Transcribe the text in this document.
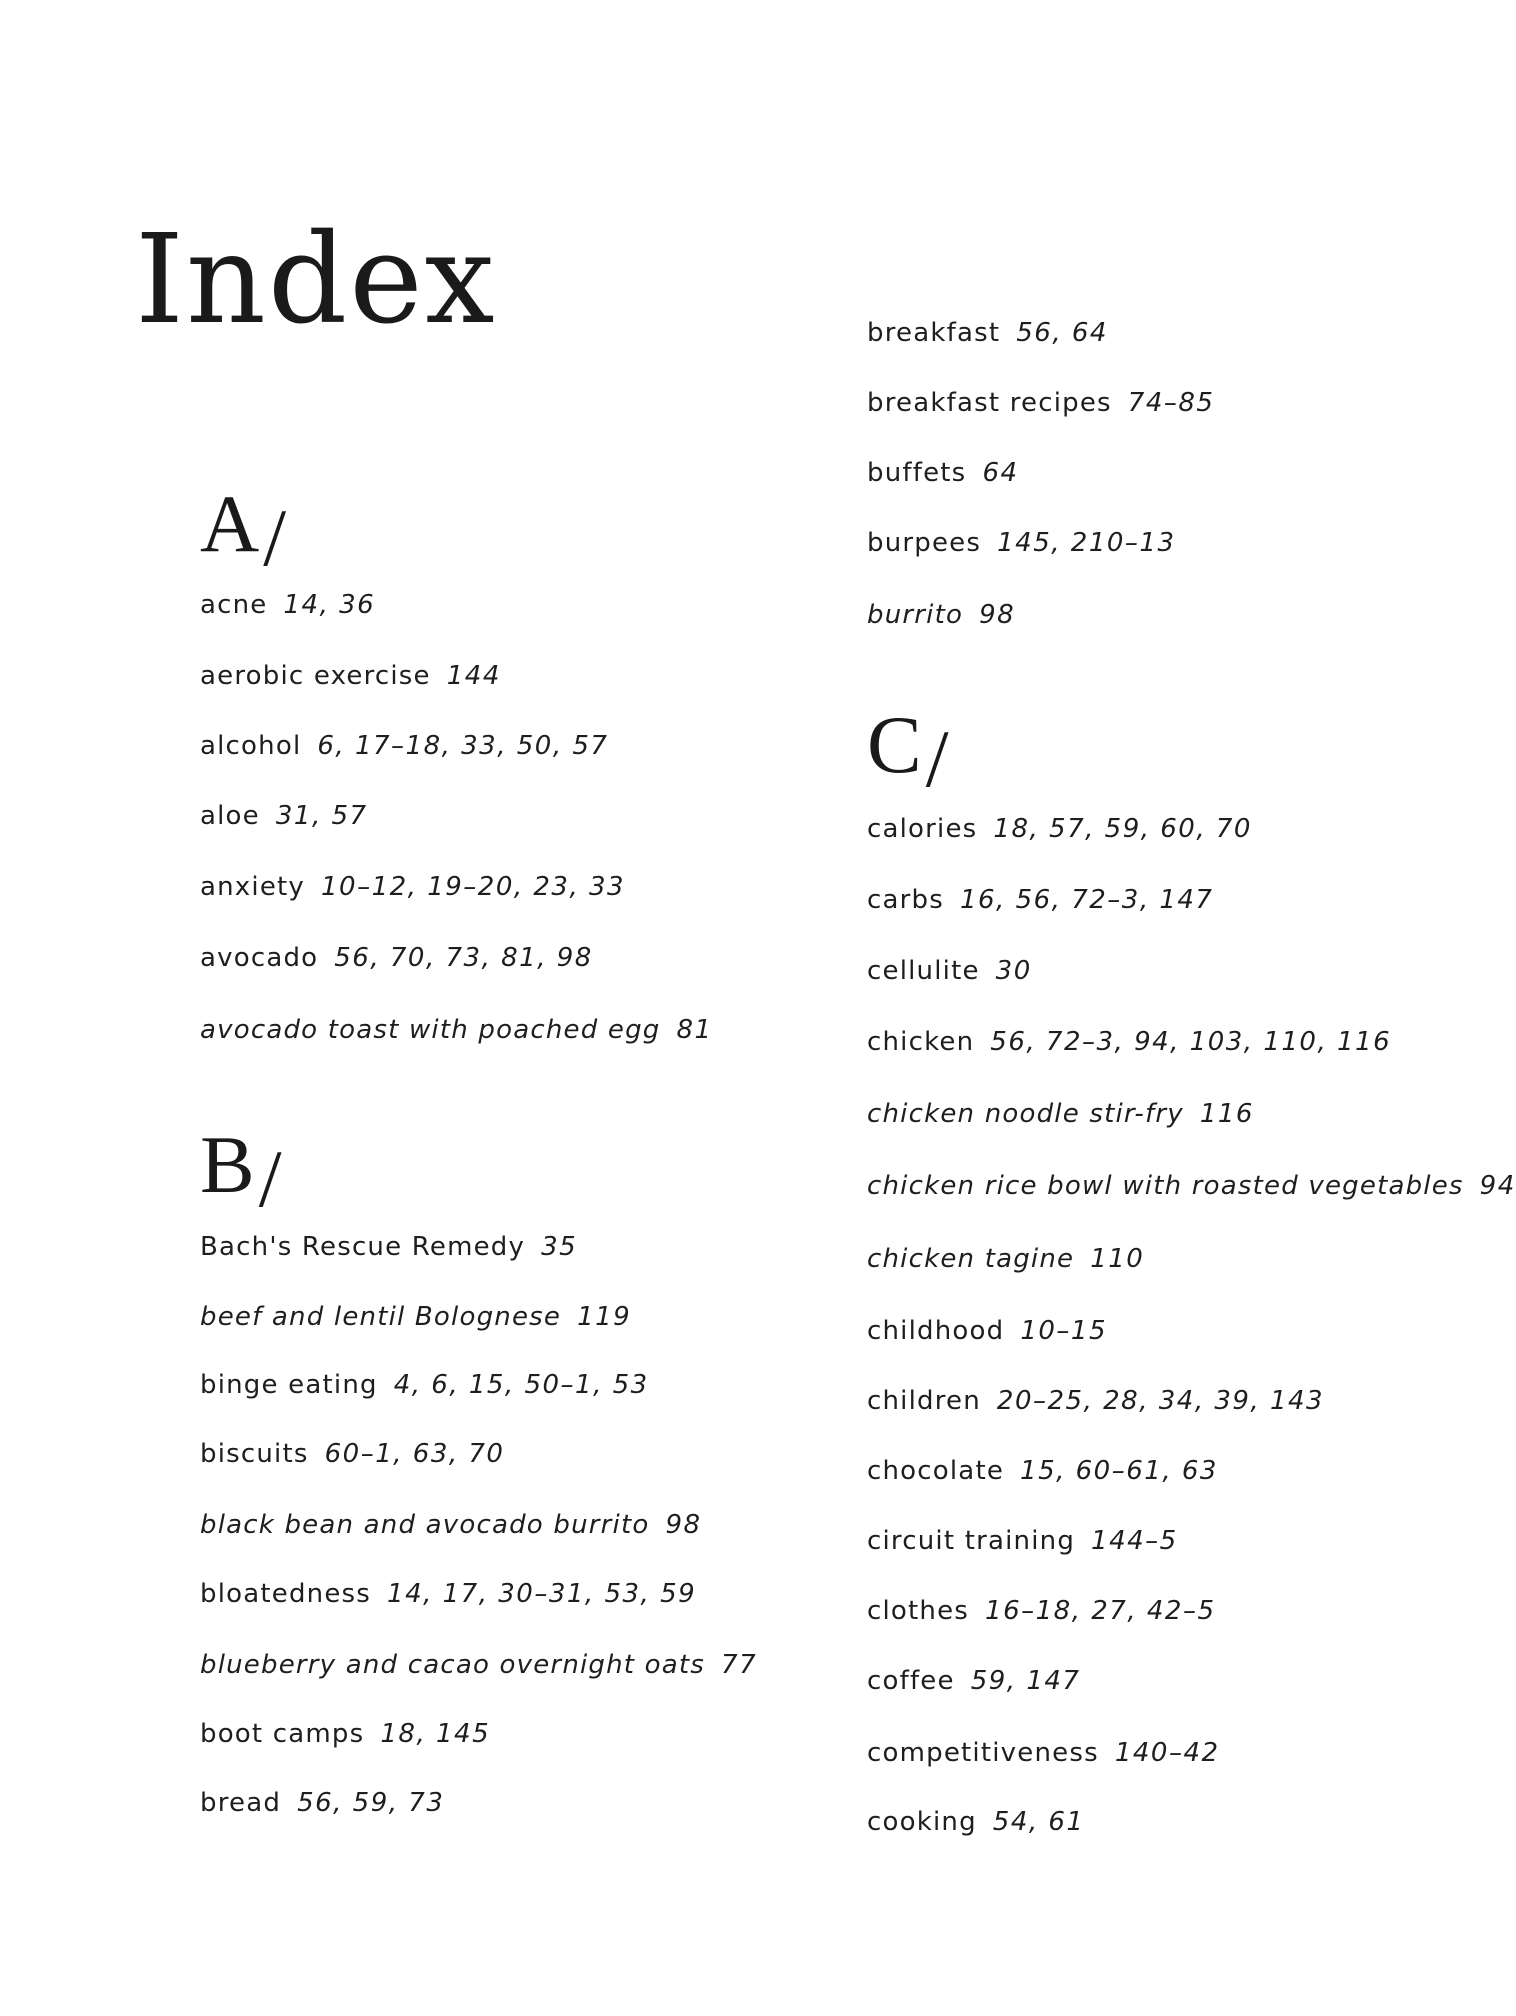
Index
A/
acne 14, 36
aerobic exercise 144
alcohol 6, 17–18, 33, 50, 57
aloe 31, 57
anxiety 10–12, 19–20, 23, 33
avocado 56, 70, 73, 81, 98
avocado toast with poached egg 81
B/
Bach's Rescue Remedy 35
beef and lentil Bolognese 119
binge eating 4, 6, 15, 50–1, 53
biscuits 60–1, 63, 70
black bean and avocado burrito 98
bloatedness 14, 17, 30–31, 53, 59
blueberry and cacao overnight oats 77
boot camps 18, 145
bread 56, 59, 73
breakfast 56, 64
breakfast recipes 74–85
buffets 64
burpees 145, 210–13
burrito 98
C/
calories 18, 57, 59, 60, 70
carbs 16, 56, 72–3, 147
cellulite 30
chicken 56, 72–3, 94, 103, 110, 116
chicken noodle stir-fry 116
chicken rice bowl with roasted vegetables 94
chicken tagine 110
childhood 10–15
children 20–25, 28, 34, 39, 143
chocolate 15, 60–61, 63
circuit training 144–5
clothes 16–18, 27, 42–5
coffee 59, 147
competitiveness 140–42
cooking 54, 61
